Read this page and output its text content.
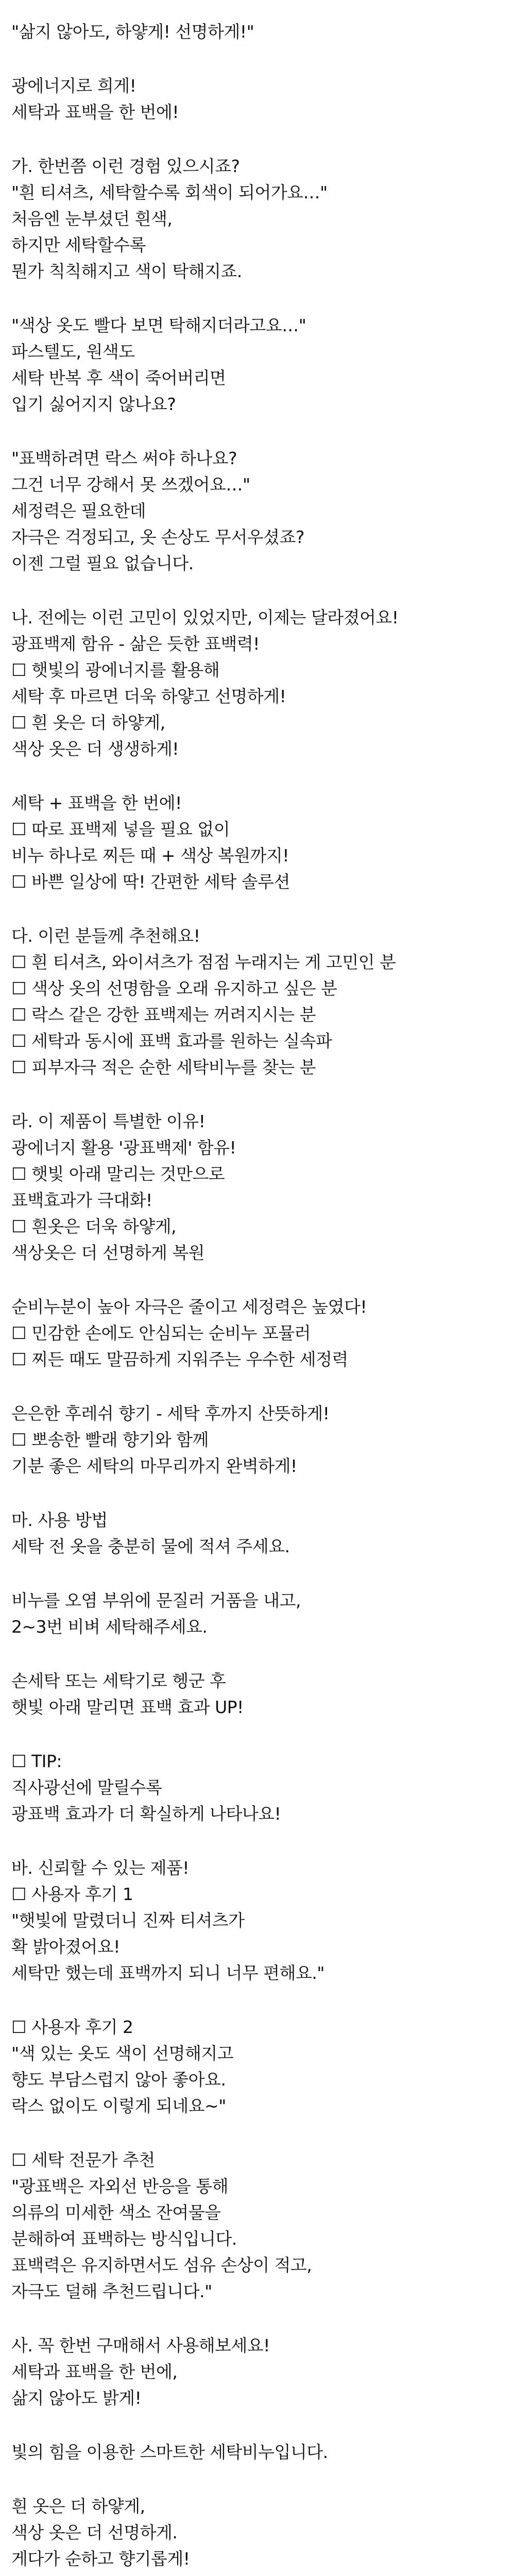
"삶지 않아도, 하얗게! 선명하게!"
광에너지로 희게!
세탁과 표백을 한 번에!
가. 한번쯤 이런 경험 있으시죠?
"흰 티셔츠, 세탁할수록 회색이 되어가요…"
처음엔 눈부셨던 흰색,
하지만 세탁할수록
뭔가 칙칙해지고 색이 탁해지죠.
"색상 옷도 빨다 보면 탁해지더라고요…"
파스텔도, 원색도
세탁 반복 후 색이 죽어버리면
입기 싫어지지 않나요?
"표백하려면 락스 써야 하나요?
그건 너무 강해서 못 쓰겠어요…"
세정력은 필요한데
자극은 걱정되고, 옷 손상도 무서우셨죠?
이젠 그럴 필요 없습니다.
나. 전에는 이런 고민이 있었지만, 이제는 달라졌어요!
광표백제 함유 - 삶은 듯한 표백력!
☐ 햇빛의 광에너지를 활용해
세탁 후 마르면 더욱 하얗고 선명하게!
☐ 흰 옷은 더 하얗게,
색상 옷은 더 생생하게!
세탁 + 표백을 한 번에!
☐ 따로 표백제 넣을 필요 없이
비누 하나로 찌든 때 + 색상 복원까지!
☐ 바쁜 일상에 딱! 간편한 세탁 솔루션
다. 이런 분들께 추천해요!
☐ 흰 티셔츠, 와이셔츠가 점점 누래지는 게 고민인 분
☐ 색상 옷의 선명함을 오래 유지하고 싶은 분
☐ 락스 같은 강한 표백제는 꺼려지시는 분
☐ 세탁과 동시에 표백 효과를 원하는 실속파
☐ 피부자극 적은 순한 세탁비누를 찾는 분
라. 이 제품이 특별한 이유!
광에너지 활용 '광표백제' 함유!
☐ 햇빛 아래 말리는 것만으로
표백효과가 극대화!
☐ 흰옷은 더욱 하얗게,
색상옷은 더 선명하게 복원
순비누분이 높아 자극은 줄이고 세정력은 높였다!
☐ 민감한 손에도 안심되는 순비누 포뮬러
☐ 찌든 때도 말끔하게 지워주는 우수한 세정력
은은한 후레쉬 향기 - 세탁 후까지 산뜻하게!
☐ 뽀송한 빨래 향기와 함께
기분 좋은 세탁의 마무리까지 완벽하게!
마. 사용 방법
세탁 전 옷을 충분히 물에 적셔 주세요.
비누를 오염 부위에 문질러 거품을 내고,
2~3번 비벼 세탁해주세요.
손세탁 또는 세탁기로 헹군 후
햇빛 아래 말리면 표백 효과 UP!
☐ TIP:
직사광선에 말릴수록
광표백 효과가 더 확실하게 나타나요!
바. 신뢰할 수 있는 제품!
☐ 사용자 후기 1
"햇빛에 말렸더니 진짜 티셔츠가
확 밝아졌어요!
세탁만 했는데 표백까지 되니 너무 편해요."
☐ 사용자 후기 2
"색 있는 옷도 색이 선명해지고
향도 부담스럽지 않아 좋아요.
락스 없이도 이렇게 되네요~"
☐ 세탁 전문가 추천
"광표백은 자외선 반응을 통해
의류의 미세한 색소 잔여물을
분해하여 표백하는 방식입니다.
표백력은 유지하면서도 섬유 손상이 적고,
자극도 덜해 추천드립니다."
사. 꼭 한번 구매해서 사용해보세요!
세탁과 표백을 한 번에,
삶지 않아도 밝게!
빛의 힘을 이용한 스마트한 세탁비누입니다.
흰 옷은 더 하얗게,
색상 옷은 더 선명하게.
게다가 순하고 향기롭게!
